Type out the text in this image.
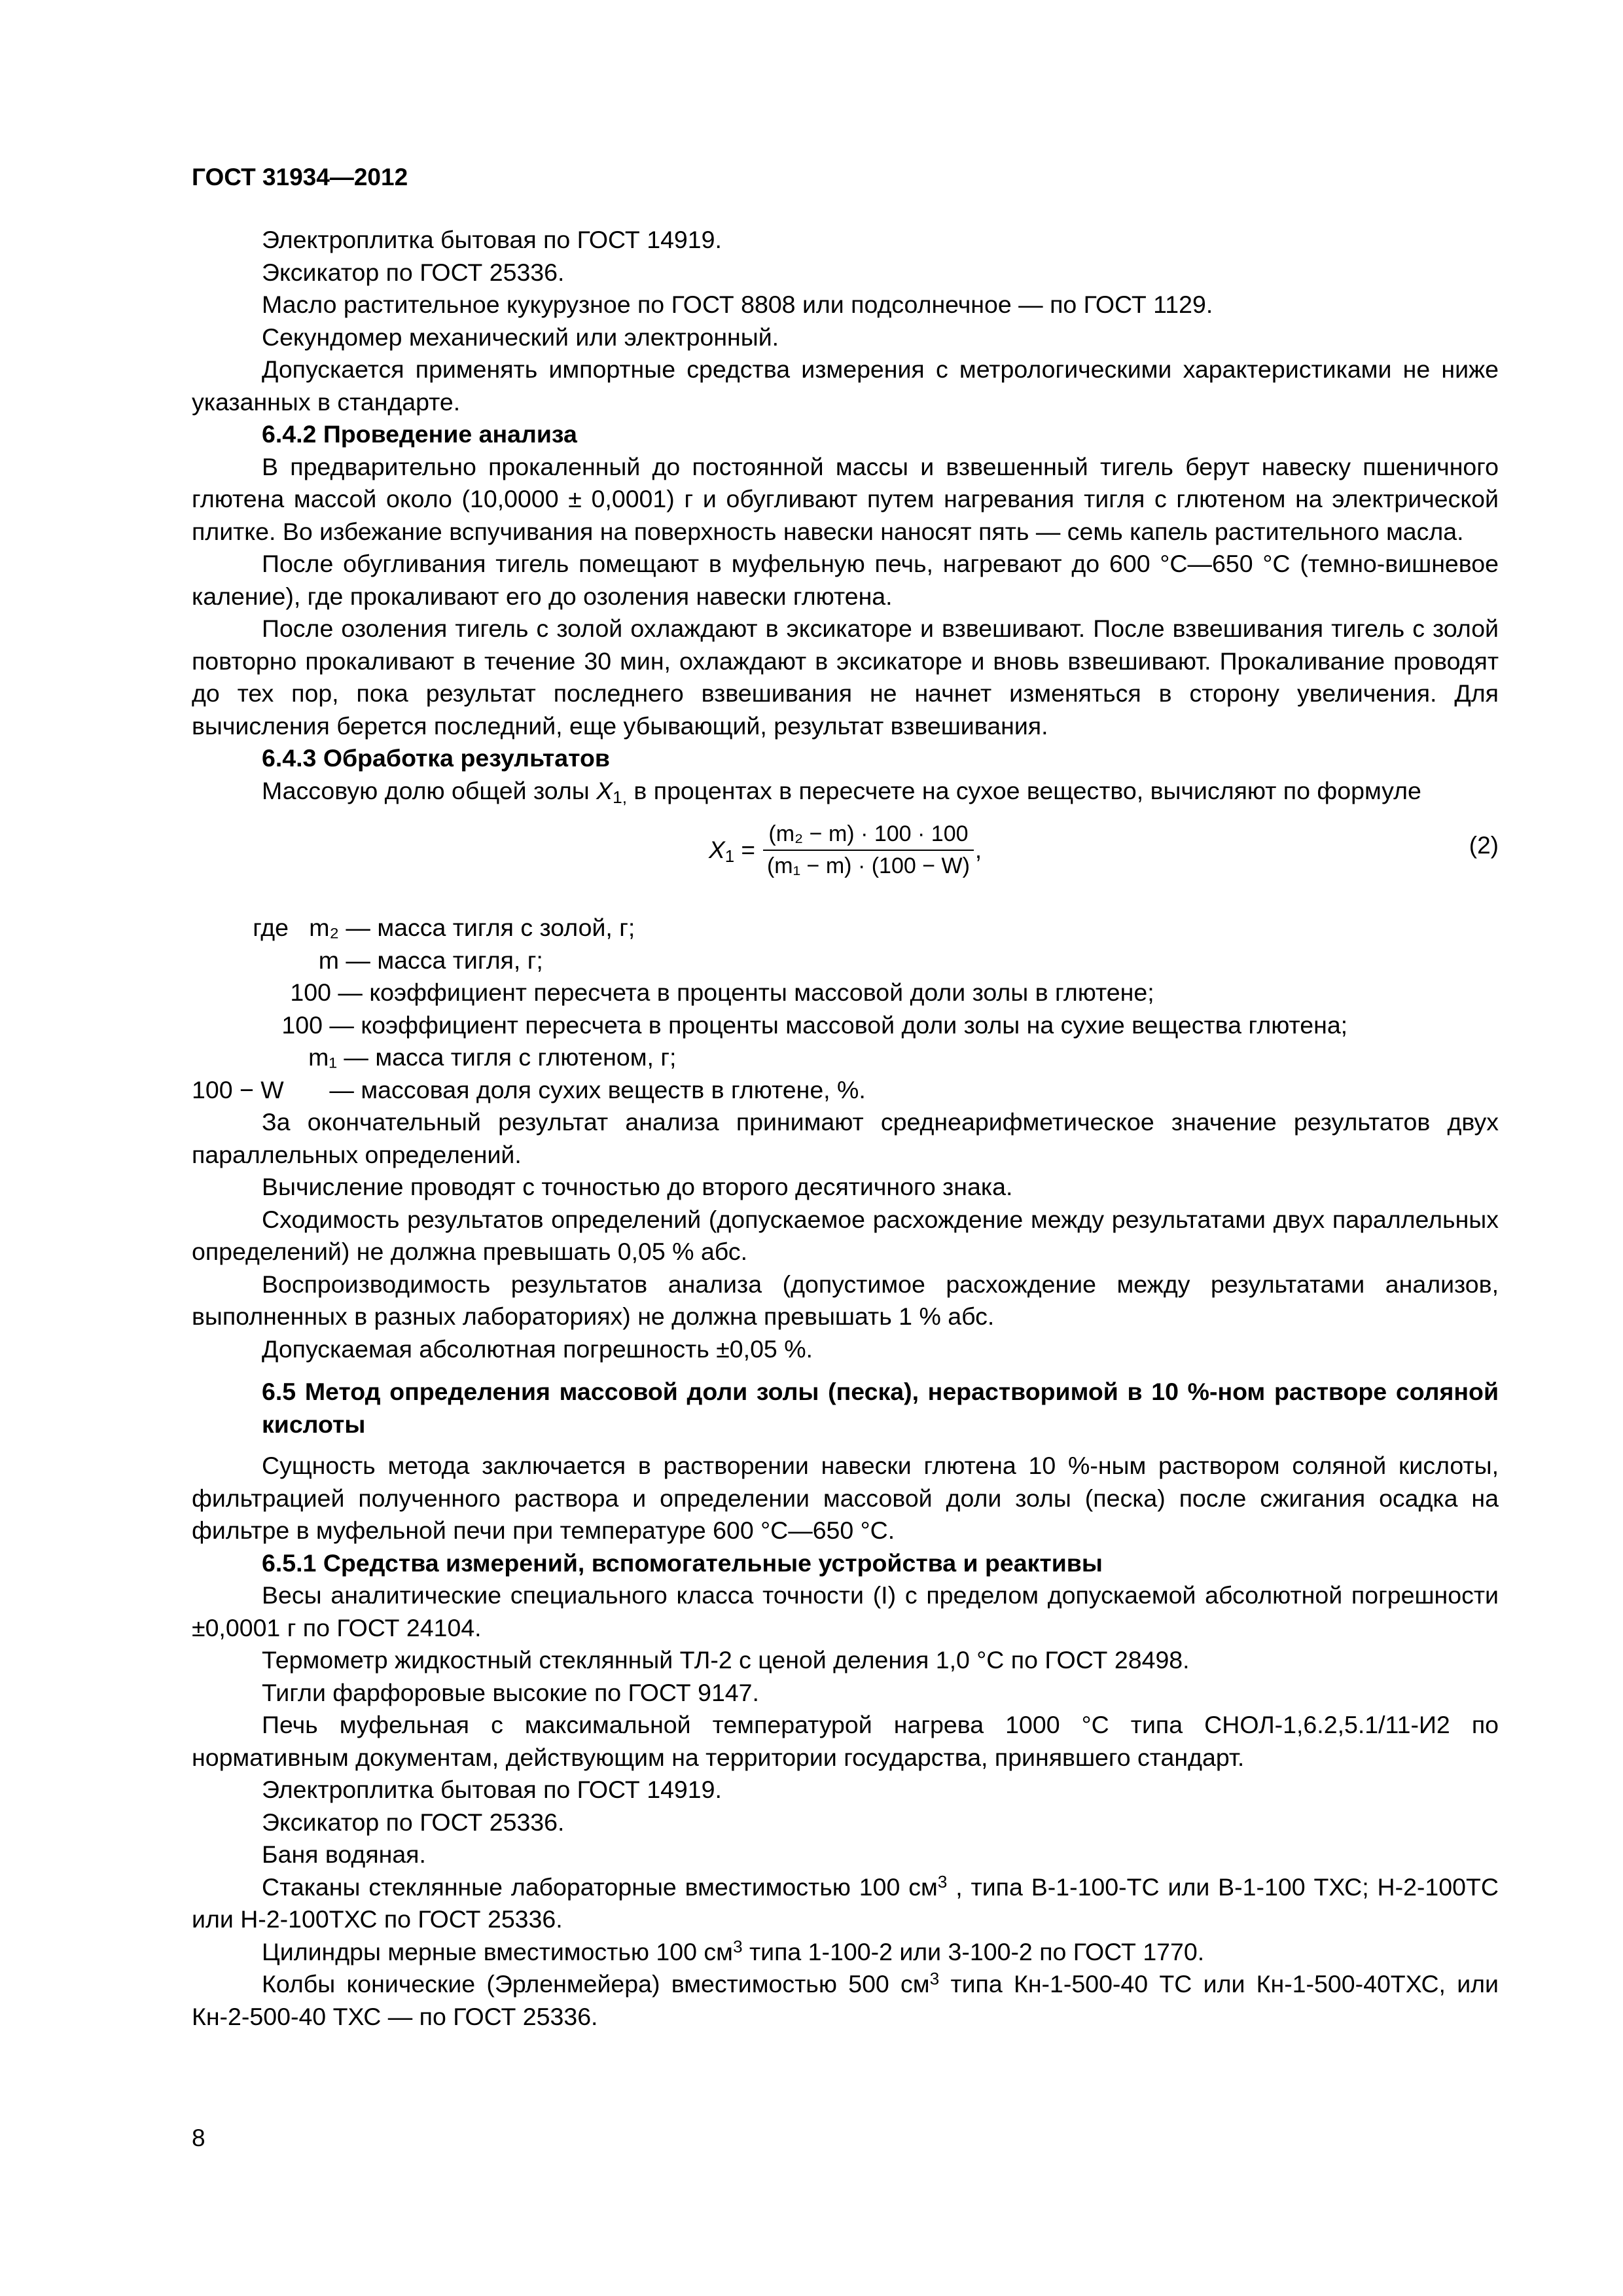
ГОСТ 31934—2012

Электроплитка бытовая по ГОСТ 14919.

Эксикатор по ГОСТ 25336.

Масло растительное кукурузное по ГОСТ 8808 или подсолнечное — по ГОСТ 1129.

Секундомер механический или электронный.

Допускается применять импортные средства измерения с метрологическими характеристиками не ниже указанных в стандарте.

6.4.2 Проведение анализа

В предварительно прокаленный до постоянной массы и взвешенный тигель берут навеску пшеничного глютена массой около (10,0000 ± 0,0001) г и обугливают путем нагревания тигля с глютеном на электрической плитке. Во избежание вспучивания на поверхность навески наносят пять — семь капель растительного масла.

После обугливания тигель помещают в муфельную печь, нагревают до 600 °С—650 °С (темно-вишневое каление), где прокаливают его до озоления навески глютена.

После озоления тигель с золой охлаждают в эксикаторе и взвешивают. После взвешивания тигель с золой повторно прокаливают в течение 30 мин, охлаждают в эксикаторе и вновь взвешивают. Прокаливание проводят до тех пор, пока результат последнего взвешивания не начнет изменяться в сторону увеличения. Для вычисления берется последний, еще убывающий, результат взвешивания.

6.4.3 Обработка результатов

Массовую долю общей золы $X_{1,}$ в процентах в пересчете на сухое вещество, вычисляют по формуле

$X_1 = \frac{\text{(m₂ − m) · 100 · 100}}{\text{(m₁ − m) · (100 − W)}}$ ,	(2)
где   m₂ — масса тигля с золой, г;
m — масса тигля, г;
100 — коэффициент пересчета в проценты массовой доли золы в глютене;
100 — коэффициент пересчета в проценты массовой доли золы на сухие вещества глютена;
m₁ — масса тигля с глютеном, г;
100 − W — массовая доля сухих веществ в глютене, %.

За окончательный результат анализа принимают среднеарифметическое значение результатов двух параллельных определений.

Вычисление проводят с точностью до второго десятичного знака.

Сходимость результатов определений (допускаемое расхождение между результатами двух параллельных определений) не должна превышать 0,05 % абс.

Воспроизводимость результатов анализа (допустимое расхождение между результатами анализов, выполненных в разных лабораториях) не должна превышать 1 % абс.

Допускаемая абсолютная погрешность ±0,05 %.

6.5 Метод определения массовой доли золы (песка), нерастворимой в 10 %-ном растворе соляной кислоты

Сущность метода заключается в растворении навески глютена 10 %-ным раствором соляной кислоты, фильтрацией полученного раствора и определении массовой доли золы (песка) после сжигания осадка на фильтре в муфельной печи при температуре 600 °С—650 °С.

6.5.1 Средства измерений, вспомогательные устройства и реактивы

Весы аналитические специального класса точности (I) с пределом допускаемой абсолютной погрешности ±0,0001 г по ГОСТ 24104.

Термометр жидкостный стеклянный ТЛ-2 с ценой деления 1,0 °С по ГОСТ 28498.

Тигли фарфоровые высокие по ГОСТ 9147.

Печь муфельная с максимальной температурой нагрева 1000 °С типа СНОЛ-1,6.2,5.1/11-И2 по нормативным документам, действующим на территории государства, принявшего стандарт.

Электроплитка бытовая по ГОСТ 14919.

Эксикатор по ГОСТ 25336.

Баня водяная.

Стаканы стеклянные лабораторные вместимостью 100 $см^3$ , типа В-1-100-ТС или В-1-100 ТХС; Н-2-100ТС или Н-2-100ТХС по ГОСТ 25336.

Цилиндры мерные вместимостью 100 $см^3$ типа 1-100-2 или 3-100-2 по ГОСТ 1770.

Колбы конические (Эрленмейера) вместимостью 500 $см^3$ типа Кн-1-500-40 ТС или Кн-1-500-40ТХС, или Кн-2-500-40 ТХС — по ГОСТ 25336.

8
